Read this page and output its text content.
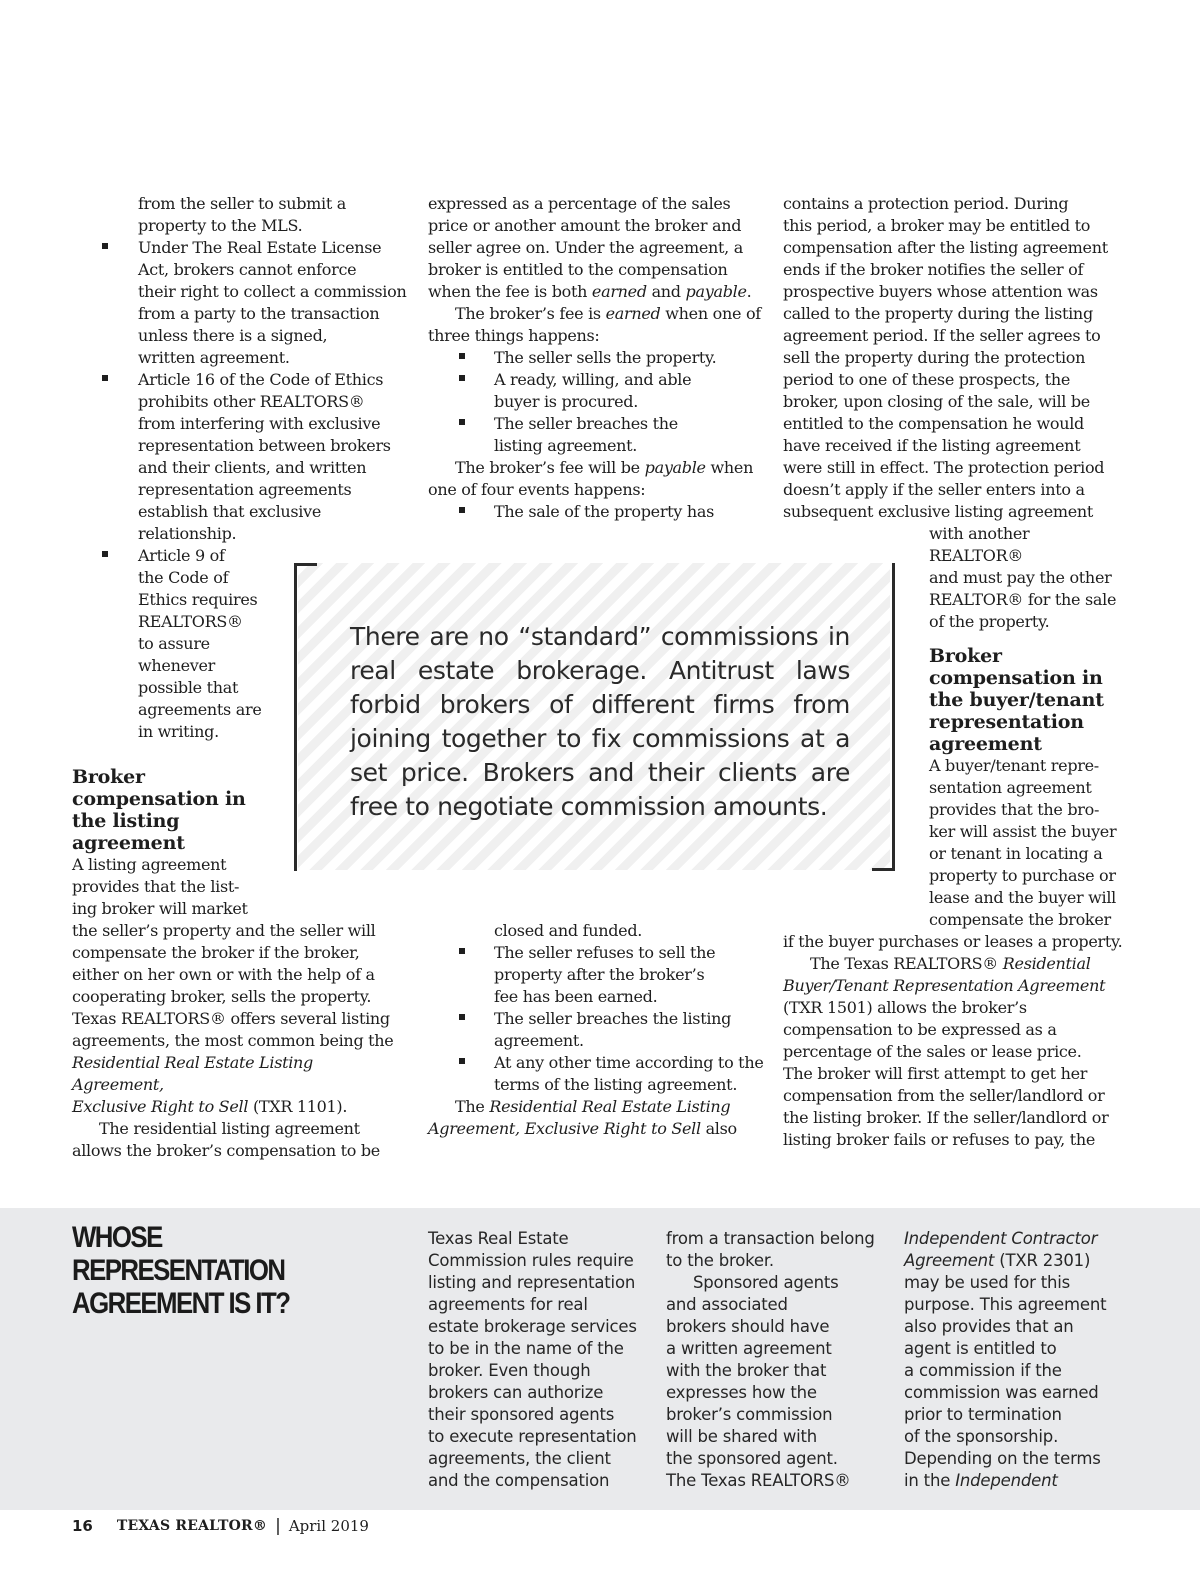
from the seller to submit a

property to the MLS.

Under The Real Estate License
Act, brokers cannot enforce
their right to collect a commission
from a party to the transaction
unless there is a signed,
written agreement.
Article 16 of the Code of Ethics
prohibits other REALTORS®
from interfering with exclusive
representation between brokers
and their clients, and written
representation agreements
establish that exclusive
relationship.
Article 9 of
the Code of
Ethics requires
REALTORS®
to assure
whenever
possible that
agreements are
in writing.
Broker
compensation in
the listing
agreement
A listing agreement
provides that the list-
ing broker will market
the seller’s property and the seller will
compensate the broker if the broker,
either on her own or with the help of a
cooperating broker, sells the property.
Texas REALTORS® offers several listing
agreements, the most common being the
Residential Real Estate Listing Agreement,
Exclusive Right to Sell (TXR 1101).
The residential listing agreement
allows the broker’s compensation to be
expressed as a percentage of the sales
price or another amount the broker and
seller agree on. Under the agreement, a
broker is entitled to the compensation
when the fee is both earned and payable.
The broker’s fee is earned when one of
three things happens:
The seller sells the property.
A ready, willing, and able
buyer is procured.
The seller breaches the
listing agreement.
The broker’s fee will be payable when
one of four events happens:
The sale of the property has
closed and funded.
The seller refuses to sell the
property after the broker’s
fee has been earned.
The seller breaches the listing
agreement.
At any other time according to the
terms of the listing agreement.
The Residential Real Estate Listing
Agreement, Exclusive Right to Sell also
contains a protection period. During
this period, a broker may be entitled to
compensation after the listing agreement
ends if the broker notifies the seller of
prospective buyers whose attention was
called to the property during the listing
agreement period. If the seller agrees to
sell the property during the protection
period to one of these prospects, the
broker, upon closing of the sale, will be
entitled to the compensation he would
have received if the listing agreement
were still in effect. The protection period
doesn’t apply if the seller enters into a
subsequent exclusive listing agreement
with another REALTOR®
and must pay the other
REALTOR® for the sale
of the property.
Broker
compensation in
the buyer/tenant
representation
agreement
A buyer/tenant repre-
sentation agreement
provides that the bro-
ker will assist the buyer
or tenant in locating a
property to purchase or
lease and the buyer will
compensate the broker
if the buyer purchases or leases a property.
The Texas REALTORS® Residential
Buyer/Tenant Representation Agreement
(TXR 1501) allows the broker’s
compensation to be expressed as a
percentage of the sales or lease price.
The broker will first attempt to get her
compensation from the seller/landlord or
the listing broker. If the seller/landlord or
listing broker fails or refuses to pay, the
There are no “standard” commissions in real estate brokerage. Antitrust laws forbid brokers of different firms from joining together to fix commissions at a set price. Brokers and their clients are free to negotiate commission amounts.
WHOSE
REPRESENTATION
AGREEMENT IS IT?
Texas Real Estate
Commission rules require
listing and representation
agreements for real
estate brokerage services
to be in the name of the
broker. Even though
brokers can authorize
their sponsored agents
to execute representation
agreements, the client
and the compensation
from a transaction belong
to the broker.
Sponsored agents
and associated
brokers should have
a written agreement
with the broker that
expresses how the
broker’s commission
will be shared with
the sponsored agent.
The Texas REALTORS®
Independent Contractor
Agreement (TXR 2301)
may be used for this
purpose. This agreement
also provides that an
agent is entitled to
a commission if the
commission was earned
prior to termination
of the sponsorship.
Depending on the terms
in the Independent
16 TEXAS REALTOR® | April 2019
